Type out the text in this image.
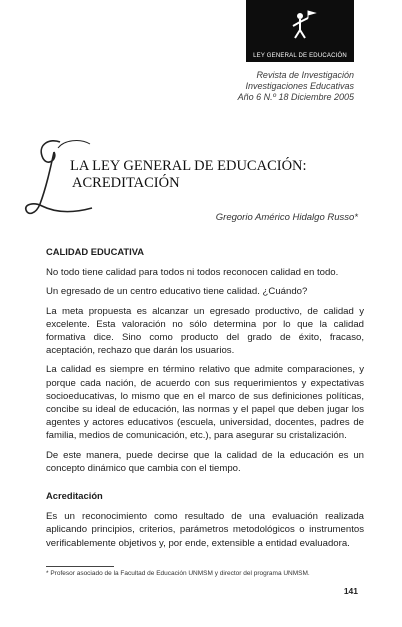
LEY GENERAL DE EDUCACIÓN
Revista de Investigación
Investigaciones Educativas
Año 6 N.º 18 Diciembre 2005
LA LEY GENERAL DE EDUCACIÓN:
ACREDITACIÓN
Gregorio Américo Hidalgo Russo*
CALIDAD EDUCATIVA

No todo tiene calidad para todos ni todos reconocen calidad en todo.

Un egresado de un centro educativo tiene calidad. ¿Cuándo?

La meta propuesta es alcanzar un egresado productivo, de calidad y excelente. Esta valoración no sólo determina por lo que la calidad formativa dice. Sino como producto del grado de éxito, fracaso, aceptación, rechazo que darán los usuarios.

La calidad es siempre en término relativo que admite comparaciones, y porque cada nación, de acuerdo con sus requerimientos y expectativas socioeducativas, lo mismo que en el marco de sus definiciones políticas, concibe su ideal de educación, las normas y el papel que deben jugar los agentes y actores educativos (escuela, universidad, docentes, padres de familia, medios de comunicación, etc.), para asegurar su cristalización.

De este manera, puede decirse que la calidad de la educación es un concepto dinámico que cambia con el tiempo.

Acreditación

Es un reconocimiento como resultado de una evaluación realizada aplicando principios, criterios, parámetros metodológicos o instrumentos verificablemente objetivos y, por ende, extensible a entidad evaluadora.

* Profesor asociado de la Facultad de Educación UNMSM y director del programa UNMSM.
141
